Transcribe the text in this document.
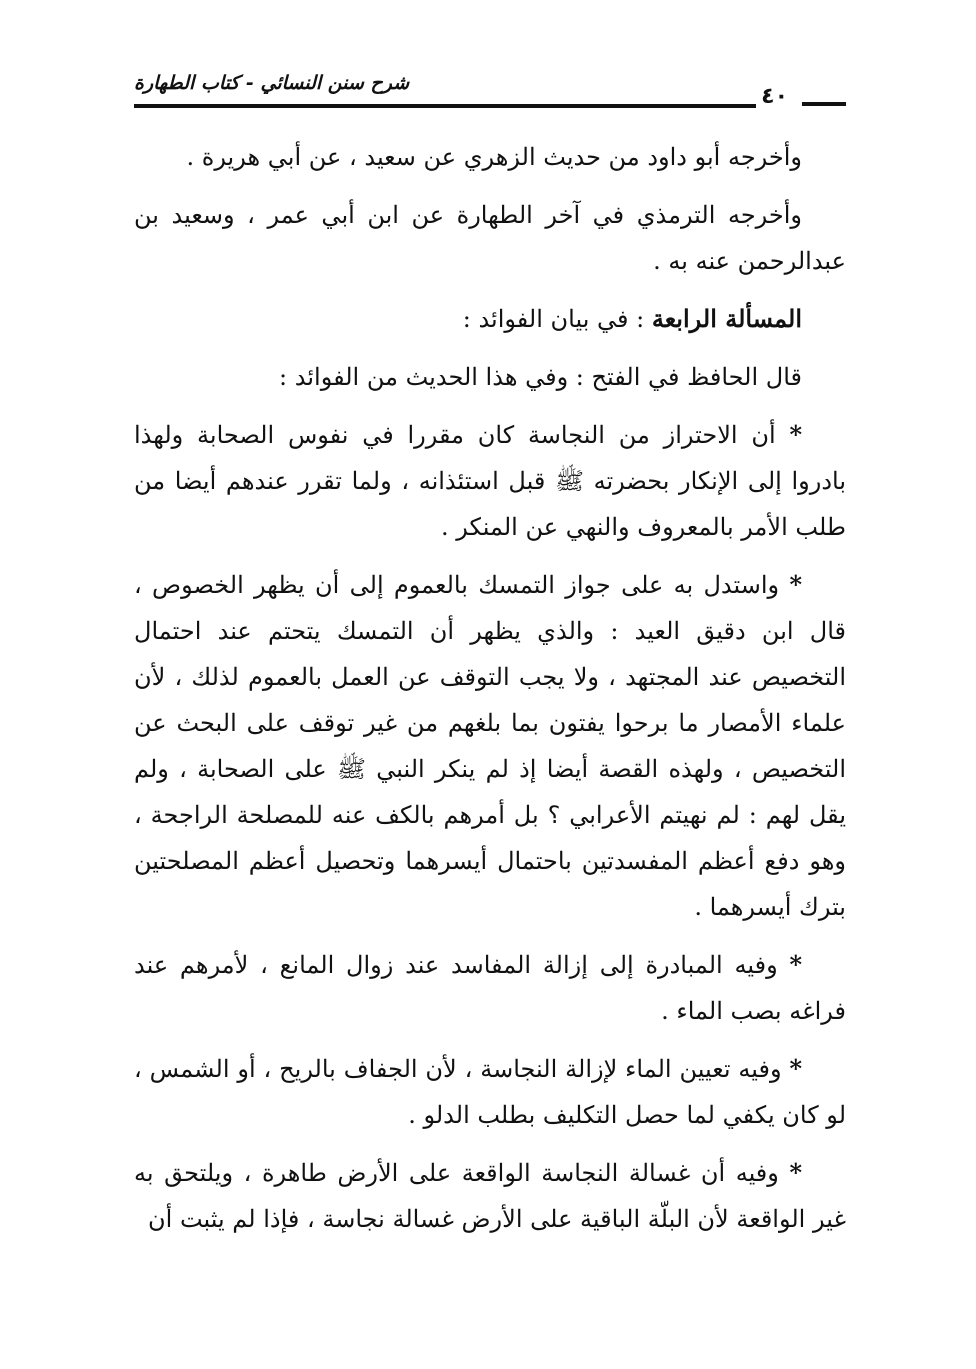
شرح سنن النسائي - كتاب الطهارة
٤٠

وأخرجه أبو داود من حديث الزهري عن سعيد ، عن أبي هريرة .

وأخرجه الترمذي في آخر الطهارة عن ابن أبي عمر ، وسعيد بن عبدالرحمن عنه به .

المسألة الرابعة : في بيان الفوائد :

قال الحافظ في الفتح : وفي هذا الحديث من الفوائد :

* أن الاحتراز من النجاسة كان مقررا في نفوس الصحابة ولهذا بادروا إلى الإنكار بحضرته ﷺ قبل استئذانه ، ولما تقرر عندهم أيضا من طلب الأمر بالمعروف والنهي عن المنكر .

* واستدل به على جواز التمسك بالعموم إلى أن يظهر الخصوص ، قال ابن دقيق العيد : والذي يظهر أن التمسك يتحتم عند احتمال التخصيص عند المجتهد ، ولا يجب التوقف عن العمل بالعموم لذلك ، لأن علماء الأمصار ما برحوا يفتون بما بلغهم من غير توقف على البحث عن التخصيص ، ولهذه القصة أيضا إذ لم ينكر النبي ﷺ على الصحابة ، ولم يقل لهم : لم نهيتم الأعرابي ؟ بل أمرهم بالكف عنه للمصلحة الراجحة ، وهو دفع أعظم المفسدتين باحتمال أيسرهما وتحصيل أعظم المصلحتين بترك أيسرهما .

* وفيه المبادرة إلى إزالة المفاسد عند زوال المانع ، لأمرهم عند فراغه بصب الماء .

* وفيه تعيين الماء لإزالة النجاسة ، لأن الجفاف بالريح ، أو الشمس ، لو كان يكفي لما حصل التكليف بطلب الدلو .

* وفيه أن غسالة النجاسة الواقعة على الأرض طاهرة ، ويلتحق به غير الواقعة لأن البلّة الباقية على الأرض غسالة نجاسة ، فإذا لم يثبت أن
